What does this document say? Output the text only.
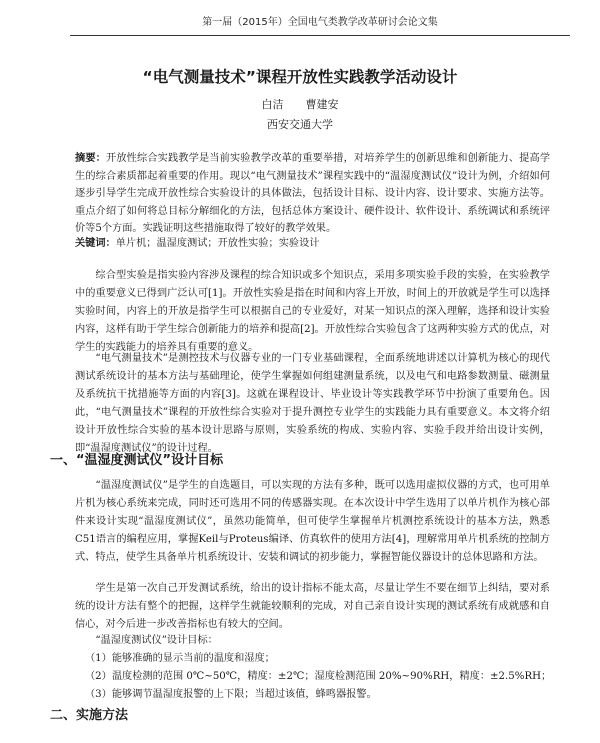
第一届（2015年）全国电气类教学改革研讨会论文集
“电气测量技术”课程开放性实践教学活动设计
白洁　　曹建安
西安交通大学
摘要：开放性综合实践教学是当前实验教学改革的重要举措，对培养学生的创新思维和创新能力、提高学生的综合素质都起着重要的作用。现以“电气测量技术”课程实践中的“温湿度测试仪”设计为例，介绍如何逐步引导学生完成开放性综合实验设计的具体做法，包括设计目标、设计内容、设计要求、实施方法等。重点介绍了如何将总目标分解细化的方法，包括总体方案设计、硬件设计、软件设计、系统调试和系统评价等5个方面。实践证明这些措施取得了较好的教学效果。
关键词：单片机；温湿度测试；开放性实验；实验设计

综合型实验是指实验内容涉及课程的综合知识或多个知识点，采用多项实验手段的实验，在实验教学中的重要意义已得到广泛认可[1]。开放性实验是指在时间和内容上开放，时间上的开放就是学生可以选择实验时间，内容上的开放是指学生可以根据自己的专业爱好，对某一知识点的深入理解，选择和设计实验内容，这样有助于学生综合创新能力的培养和提高[2]。开放性综合实验包含了这两种实验方式的优点，对学生的实践能力的培养具有重要的意义。

“电气测量技术”是测控技术与仪器专业的一门专业基础课程，全面系统地讲述以计算机为核心的现代测试系统设计的基本方法与基础理论，使学生掌握如何组建测量系统，以及电气和电路参数测量、磁测量及系统抗干扰措施等方面的内容[3]。这就在课程设计、毕业设计等实践教学环节中扮演了重要角色。因此，“电气测量技术”课程的开放性综合实验对于提升测控专业学生的实践能力具有重要意义。本文将介绍设计开放性综合实验的基本设计思路与原则，实验系统的构成、实验内容、实验手段并给出设计实例，即“温湿度测试仪”的设计过程。

一、“温湿度测试仪”设计目标

“温湿度测试仪”是学生的自选题目，可以实现的方法有多种，既可以选用虚拟仪器的方式，也可用单片机为核心系统来完成，同时还可选用不同的传感器实现。在本次设计中学生选用了以单片机作为核心部件来设计实现“温湿度测试仪”，虽然功能简单，但可使学生掌握单片机测控系统设计的基本方法，熟悉C51语言的编程应用，掌握Keil与Proteus编译、仿真软件的使用方法[4]，理解常用单片机系统的控制方式、特点，使学生具备单片机系统设计、安装和调试的初步能力，掌握智能仪器设计的总体思路和方法。

学生是第一次自己开发测试系统，给出的设计指标不能太高，尽量让学生不要在细节上纠结，要对系统的设计方法有整个的把握，这样学生就能较顺利的完成，对自己亲自设计实现的测试系统有成就感和自信心，对今后进一步改善指标也有较大的空间。

“温湿度测试仪”设计目标：

（1）能够准确的显示当前的温度和湿度；
（2）温度检测的范围 0℃~50℃，精度：±2℃；湿度检测范围 20%~90%RH，精度：±2.5%RH；
（3）能够调节温湿度报警的上下限；当超过该值，蜂鸣器报警。
二、实施方法
